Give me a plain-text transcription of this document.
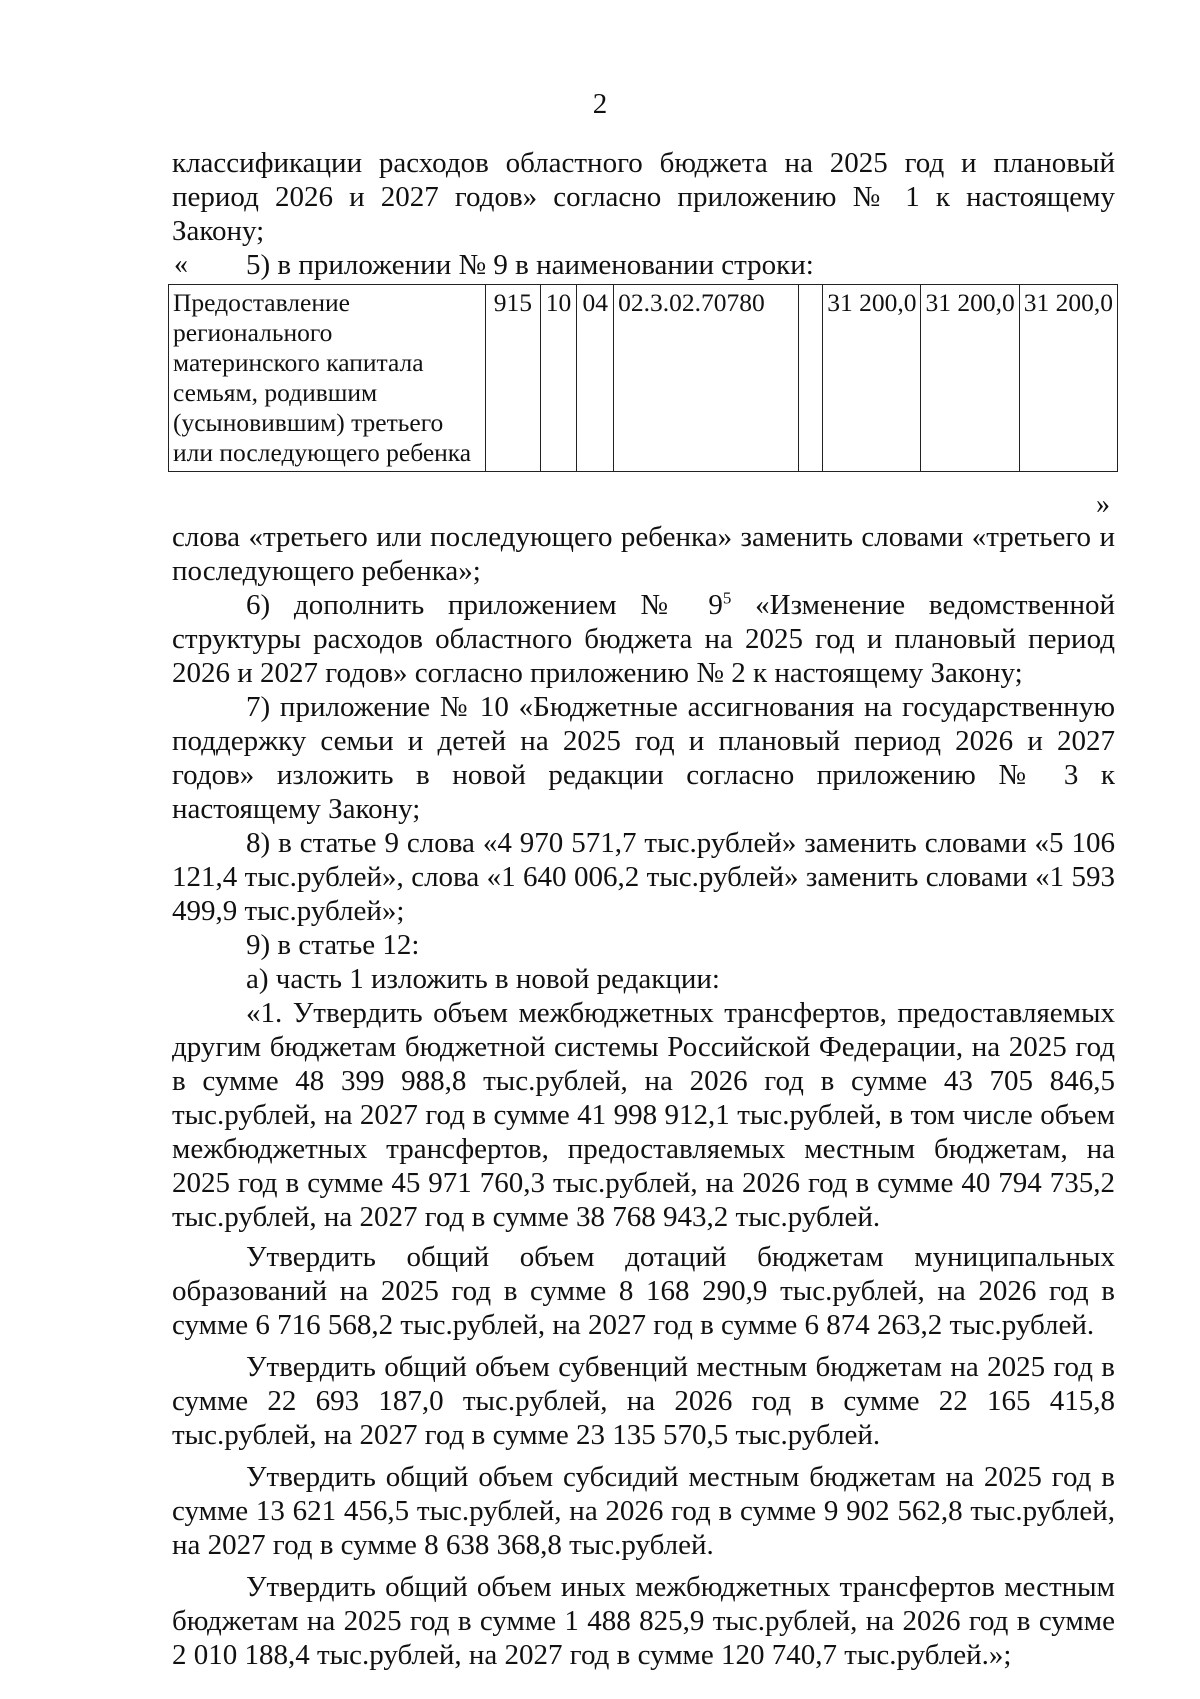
2

классификации расходов областного бюджета на 2025 год и плановый период 2026 и 2027 годов» согласно приложению № 1 к настоящему Закону;

5) в приложении № 9 в наименовании строки:

«
Предоставление регионального материнского капитала семьям, родившим (усыновившим) третьего или последующего ребенка	915	10	04	02.3.02.70780		31 200,0	31 200,0	31 200,0
»

слова «третьего или последующего ребенка» заменить словами «третьего и последующего ребенка»;

6) дополнить приложением № $9^5$ «Изменение ведомственной структуры расходов областного бюджета на 2025 год и плановый период 2026 и 2027 годов» согласно приложению № 2 к настоящему Закону;

7) приложение № 10 «Бюджетные ассигнования на государственную поддержку семьи и детей на 2025 год и плановый период 2026 и 2027 годов» изложить в новой редакции согласно приложению № 3 к настоящему Закону;

8) в статье 9 слова «4 970 571,7 тыс.рублей» заменить словами «5 106 121,4 тыс.рублей», слова «1 640 006,2 тыс.рублей» заменить словами «1 593 499,9 тыс.рублей»;

9) в статье 12:

а) часть 1 изложить в новой редакции:

«1. Утвердить объем межбюджетных трансфертов, предоставляемых другим бюджетам бюджетной системы Российской Федерации, на 2025 год в сумме 48 399 988,8 тыс.рублей, на 2026 год в сумме 43 705 846,5 тыс.рублей, на 2027 год в сумме 41 998 912,1 тыс.рублей, в том числе объем межбюджетных трансфертов, предоставляемых местным бюджетам, на 2025 год в сумме 45 971 760,3 тыс.рублей, на 2026 год в сумме 40 794 735,2 тыс.рублей, на 2027 год в сумме 38 768 943,2 тыс.рублей.

Утвердить общий объем дотаций бюджетам муниципальных образований на 2025 год в сумме 8 168 290,9 тыс.рублей, на 2026 год в сумме 6 716 568,2 тыс.рублей, на 2027 год в сумме 6 874 263,2 тыс.рублей.

Утвердить общий объем субвенций местным бюджетам на 2025 год в сумме 22 693 187,0 тыс.рублей, на 2026 год в сумме 22 165 415,8 тыс.рублей, на 2027 год в сумме 23 135 570,5 тыс.рублей.

Утвердить общий объем субсидий местным бюджетам на 2025 год в сумме 13 621 456,5 тыс.рублей, на 2026 год в сумме 9 902 562,8 тыс.рублей, на 2027 год в сумме 8 638 368,8 тыс.рублей.

Утвердить общий объем иных межбюджетных трансфертов местным бюджетам на 2025 год в сумме 1 488 825,9 тыс.рублей, на 2026 год в сумме 2 010 188,4 тыс.рублей, на 2027 год в сумме 120 740,7 тыс.рублей.»;
